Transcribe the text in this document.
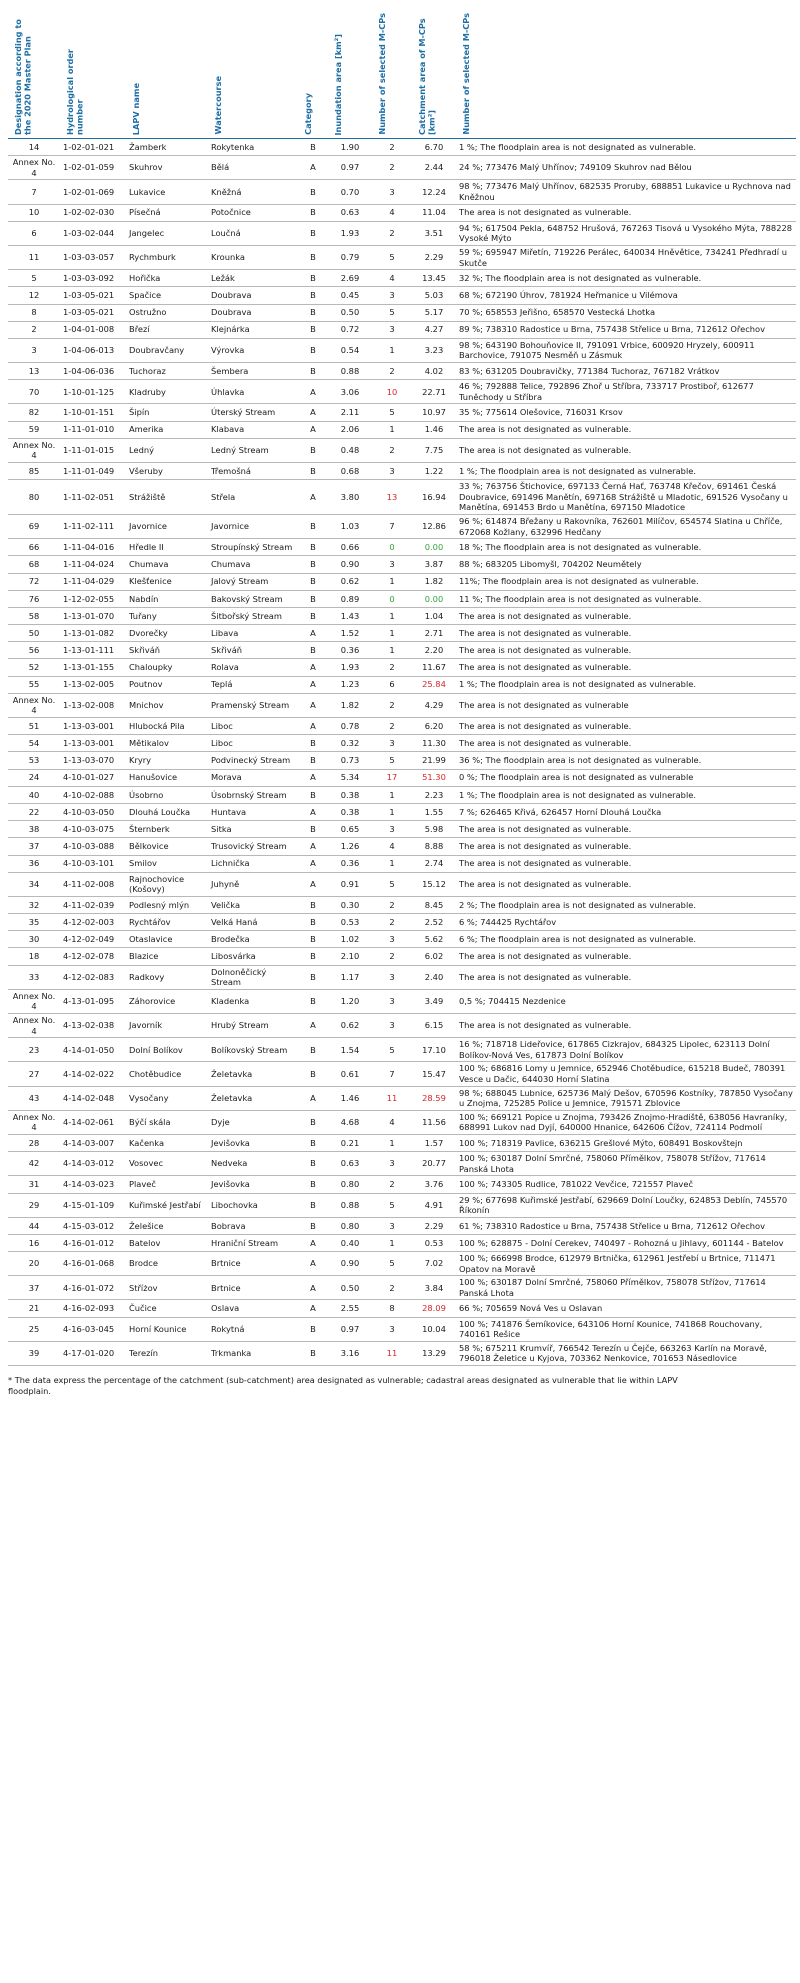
Designation according to the 2020 Master Plan	Hydrological order number	LAPV name	Watercourse	Category	Inundation area [km²]	Number of selected M-CPs	Catchment area of M-CPs [km²]	Number of selected M-CPs

14	1-02-01-021	Žamberk	Rokytenka	B	1.90	2	6.70	1 %; The floodplain area is not designated as vulnerable.
Annex No. 4	1-02-01-059	Skuhrov	Bělá	A	0.97	2	2.44	24 %; 773476 Malý Uhřínov; 749109 Skuhrov nad Bělou
7	1-02-01-069	Lukavice	Kněžná	B	0.70	3	12.24	98 %; 773476 Malý Uhřínov, 682535 Proruby, 688851 Lukavice u Rychnova nad Kněžnou
10	1-02-02-030	Písečná	Potočnice	B	0.63	4	11.04	The area is not designated as vulnerable.
6	1-03-02-044	Jangelec	Loučná	B	1.93	2	3.51	94 %; 617504 Pekla, 648752 Hrušová, 767263 Tisová u Vysokého Mýta, 788228 Vysoké Mýto
11	1-03-03-057	Rychmburk	Krounka	B	0.79	5	2.29	59 %; 695947 Miřetín, 719226 Perálec, 640034 Hněvětice, 734241 Předhradí u Skutče
5	1-03-03-092	Hořička	Ležák	B	2.69	4	13.45	32 %; The floodplain area is not designated as vulnerable.
12	1-03-05-021	Spačice	Doubrava	B	0.45	3	5.03	68 %; 672190 Úhrov, 781924 Heřmanice u Vilémova
8	1-03-05-021	Ostružno	Doubrava	B	0.50	5	5.17	70 %; 658553 Jeřišno, 658570 Vestecká Lhotka
2	1-04-01-008	Březí	Klejnárka	B	0.72	3	4.27	89 %; 738310 Radostice u Brna, 757438 Střelice u Brna, 712612 Ořechov
3	1-04-06-013	Doubravčany	Výrovka	B	0.54	1	3.23	98 %; 643190 Bohouňovice II, 791091 Vrbice, 600920 Hryzely, 600911 Barchovice, 791075 Nesměň u Zásmuk
13	1-04-06-036	Tuchoraz	Šembera	B	0.88	2	4.02	83 %; 631205 Doubravičky, 771384 Tuchoraz, 767182 Vrátkov
70	1-10-01-125	Kladruby	Úhlavka	A	3.06	10	22.71	46 %; 792888 Telice, 792896 Zhoř u Stříbra, 733717 Prostiboř, 612677 Tuněchody u Stříbra
82	1-10-01-151	Šipín	Úterský Stream	A	2.11	5	10.97	35 %; 775614 Olešovice, 716031 Krsov
59	1-11-01-010	Amerika	Klabava	A	2.06	1	1.46	The area is not designated as vulnerable.
Annex No. 4	1-11-01-015	Ledný	Ledný Stream	B	0.48	2	7.75	The area is not designated as vulnerable.
85	1-11-01-049	Všeruby	Třemošná	B	0.68	3	1.22	1 %; The floodplain area is not designated as vulnerable.
80	1-11-02-051	Strážiště	Střela	A	3.80	13	16.94	33 %; 763756 Štichovice, 697133 Černá Hať, 763748 Křečov, 691461 Česká Doubravice, 691496 Manětín, 697168 Strážiště u Mladotic, 691526 Vysočany u Manětína, 691453 Brdo u Manětína, 697150 Mladotice
69	1-11-02-111	Javornice	Javornice	B	1.03	7	12.86	96 %; 614874 Břežany u Rakovníka, 762601 Milíčov, 654574 Slatina u Chříče, 672068 Kožlany, 632996 Hedčany
66	1-11-04-016	Hředle II	Stroupínský Stream	B	0.66	0	0.00	18 %; The floodplain area is not designated as vulnerable.
68	1-11-04-024	Chumava	Chumava	B	0.90	3	3.87	88 %; 683205 Libomyšl, 704202 Neumětely
72	1-11-04-029	Klešťenice	Jalový Stream	B	0.62	1	1.82	11%; The floodplain area is not designated as vulnerable.
76	1-12-02-055	Nabdín	Bakovský Stream	B	0.89	0	0.00	11 %; The floodplain area is not designated as vulnerable.
58	1-13-01-070	Tuřany	Šitbořský Stream	B	1.43	1	1.04	The area is not designated as vulnerable.
50	1-13-01-082	Dvorečky	Libava	A	1.52	1	2.71	The area is not designated as vulnerable.
56	1-13-01-111	Skřiváň	Skřiváň	B	0.36	1	2.20	The area is not designated as vulnerable.
52	1-13-01-155	Chaloupky	Rolava	A	1.93	2	11.67	The area is not designated as vulnerable.
55	1-13-02-005	Poutnov	Teplá	A	1.23	6	25.84	1 %; The floodplain area is not designated as vulnerable.
Annex No. 4	1-13-02-008	Mnichov	Pramenský Stream	A	1.82	2	4.29	The area is not designated as vulnerable
51	1-13-03-001	Hlubocká Pila	Liboc	A	0.78	2	6.20	The area is not designated as vulnerable.
54	1-13-03-001	Mětikalov	Liboc	B	0.32	3	11.30	The area is not designated as vulnerable.
53	1-13-03-070	Kryry	Podvinecký Stream	B	0.73	5	21.99	36 %; The floodplain area is not designated as vulnerable.
24	4-10-01-027	Hanušovice	Morava	A	5.34	17	51.30	0 %; The floodplain area is not designated as vulnerable
40	4-10-02-088	Úsobrno	Úsobrnský Stream	B	0.38	1	2.23	1 %; The floodplain area is not designated as vulnerable.
22	4-10-03-050	Dlouhá Loučka	Huntava	A	0.38	1	1.55	7 %; 626465 Křivá, 626457 Horní Dlouhá Loučka
38	4-10-03-075	Šternberk	Sitka	B	0.65	3	5.98	The area is not designated as vulnerable.
37	4-10-03-088	Bělkovice	Trusovický Stream	A	1.26	4	8.88	The area is not designated as vulnerable.
36	4-10-03-101	Smilov	Lichnička	A	0.36	1	2.74	The area is not designated as vulnerable.
34	4-11-02-008	Rajnochovice (Košovy)	Juhyně	A	0.91	5	15.12	The area is not designated as vulnerable.
32	4-11-02-039	Podlesný mlýn	Velička	B	0.30	2	8.45	2 %; The floodplain area is not designated as vulnerable.
35	4-12-02-003	Rychtářov	Velká Haná	B	0.53	2	2.52	6 %; 744425 Rychtářov
30	4-12-02-049	Otaslavice	Brodečka	B	1.02	3	5.62	6 %; The floodplain area is not designated as vulnerable.
18	4-12-02-078	Blazice	Libosvárka	B	2.10	2	6.02	The area is not designated as vulnerable.
33	4-12-02-083	Radkovy	Dolnoněčický Stream	B	1.17	3	2.40	The area is not designated as vulnerable.
Annex No. 4	4-13-01-095	Záhorovice	Kladenka	B	1.20	3	3.49	0,5 %; 704415 Nezdenice
Annex No. 4	4-13-02-038	Javorník	Hrubý Stream	A	0.62	3	6.15	The area is not designated as vulnerable.
23	4-14-01-050	Dolní Bolíkov	Bolíkovský Stream	B	1.54	5	17.10	16 %; 718718 Lideřovice, 617865 Cizkrajov, 684325 Lipolec, 623113 Dolní Bolíkov-Nová Ves, 617873 Dolní Bolíkov
27	4-14-02-022	Chotěbudice	Želetavka	B	0.61	7	15.47	100 %; 686816 Lomy u Jemnice, 652946 Chotěbudice, 615218 Budeč, 780391 Vesce u Dačic, 644030 Horní Slatina
43	4-14-02-048	Vysočany	Želetavka	A	1.46	11	28.59	98 %; 688045 Lubnice, 625736 Malý Dešov, 670596 Kostníky, 787850 Vysočany u Znojma, 725285 Police u Jemnice, 791571 Zblovice
Annex No. 4	4-14-02-061	Býčí skála	Dyje	B	4.68	4	11.56	100 %; 669121 Popice u Znojma, 793426 Znojmo-Hradiště, 638056 Havraníky, 688991 Lukov nad Dyjí, 640000 Hnanice, 642606 Čížov, 724114 Podmolí
28	4-14-03-007	Kačenka	Jevišovka	B	0.21	1	1.57	100 %; 718319 Pavlice, 636215 Grešlové Mýto, 608491 Boskovštejn
42	4-14-03-012	Vosovec	Nedveka	B	0.63	3	20.77	100 %; 630187 Dolní Smrčné, 758060 Přímělkov, 758078 Střížov, 717614 Panská Lhota
31	4-14-03-023	Plaveč	Jevišovka	B	0.80	2	3.76	100 %; 743305 Rudlice, 781022 Vevčice, 721557 Plaveč
29	4-15-01-109	Kuřimské Jestřabí	Libochovka	B	0.88	5	4.91	29 %; 677698 Kuřimské Jestřabí, 629669 Dolní Loučky, 624853 Deblín, 745570 Říkonín
44	4-15-03-012	Želešice	Bobrava	B	0.80	3	2.29	61 %; 738310 Radostice u Brna, 757438 Střelice u Brna, 712612 Ořechov
16	4-16-01-012	Batelov	Hraniční Stream	A	0.40	1	0.53	100 %; 628875 - Dolní Cerekev, 740497 - Rohozná u Jihlavy, 601144 - Batelov
20	4-16-01-068	Brodce	Brtnice	A	0.90	5	7.02	100 %; 666998 Brodce, 612979 Brtnička, 612961 Jestřebí u Brtnice, 711471 Opatov na Moravě
37	4-16-01-072	Stříżov	Brtnice	A	0.50	2	3.84	100 %; 630187 Dolní Smrčné, 758060 Přímělkov, 758078 Stříżov, 717614 Panská Lhota
21	4-16-02-093	Čučice	Oslava	A	2.55	8	28.09	66 %; 705659 Nová Ves u Oslavan
25	4-16-03-045	Horní Kounice	Rokytná	B	0.97	3	10.04	100 %; 741876 Šemíkovice, 643106 Horní Kounice, 741868 Rouchovany, 740161 Rešice
39	4-17-01-020	Terezín	Trkmanka	B	3.16	11	13.29	58 %; 675211 Krumvíř, 766542 Terezín u Čejče, 663263 Karlín na Moravě, 796018 Želetice u Kyjova, 703362 Nenkovice, 701653 Násedlovice
* The data express the percentage of the catchment (sub-catchment) area designated as vulnerable; cadastral areas designated as vulnerable that lie within LAPV floodplain.
